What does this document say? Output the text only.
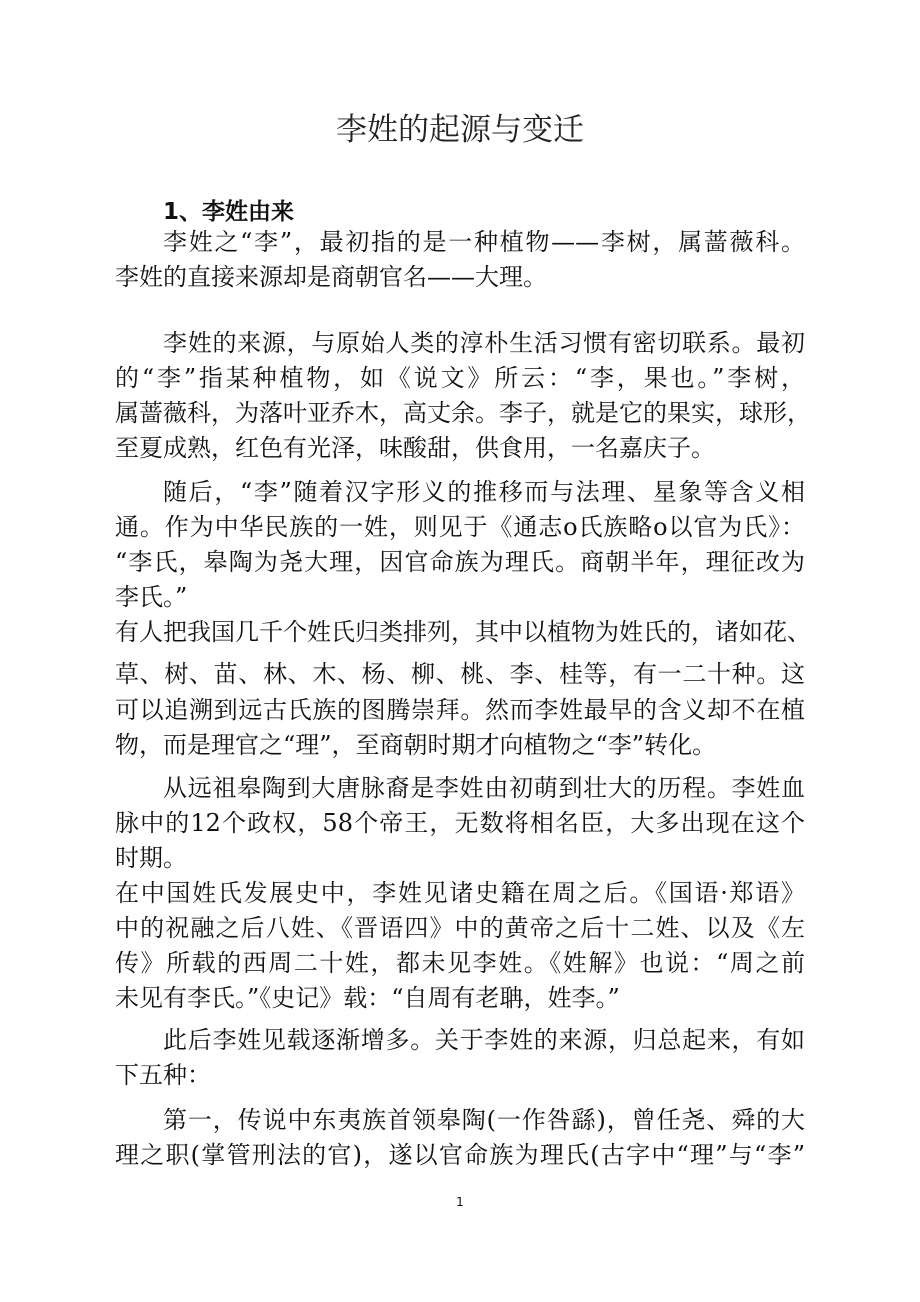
李姓的起源与变迁
1、李姓由来
李姓之“李”，最初指的是一种植物——李树，属蔷薇科。
李姓的直接来源却是商朝官名——大理。
李姓的来源，与原始人类的淳朴生活习惯有密切联系。最初
的“李”指某种植物，如《说文》所云：“李，果也。”李树，
属蔷薇科，为落叶亚乔木，高丈余。李子，就是它的果实，球形，
至夏成熟，红色有光泽，味酸甜，供食用，一名嘉庆子。
随后，“李”随着汉字形义的推移而与法理、星象等含义相
通。作为中华民族的一姓，则见于《通志o氏族略o以官为氏》：
“李氏，皋陶为尧大理，因官命族为理氏。商朝半年，理征改为
李氏。”
有人把我国几千个姓氏归类排列，其中以植物为姓氏的，诸如花、
草、树、苗、林、木、杨、柳、桃、李、桂等，有一二十种。这
可以追溯到远古氏族的图腾崇拜。然而李姓最早的含义却不在植
物，而是理官之“理”，至商朝时期才向植物之“李”转化。
从远祖皋陶到大唐脉裔是李姓由初萌到壮大的历程。李姓血
脉中的12个政权，58个帝王，无数将相名臣，大多出现在这个
时期。
在中国姓氏发展史中，李姓见诸史籍在周之后。《国语·郑语》
中的祝融之后八姓、《晋语四》中的黄帝之后十二姓、以及《左
传》所载的西周二十姓，都未见李姓。《姓解》也说：“周之前
未见有李氏。”《史记》载：“自周有老聃，姓李。”
此后李姓见载逐渐增多。关于李姓的来源，归总起来，有如
下五种：
第一，传说中东夷族首领皋陶(一作咎繇)，曾任尧、舜的大
理之职(掌管刑法的官)，遂以官命族为理氏(古字中“理”与“李”
1
